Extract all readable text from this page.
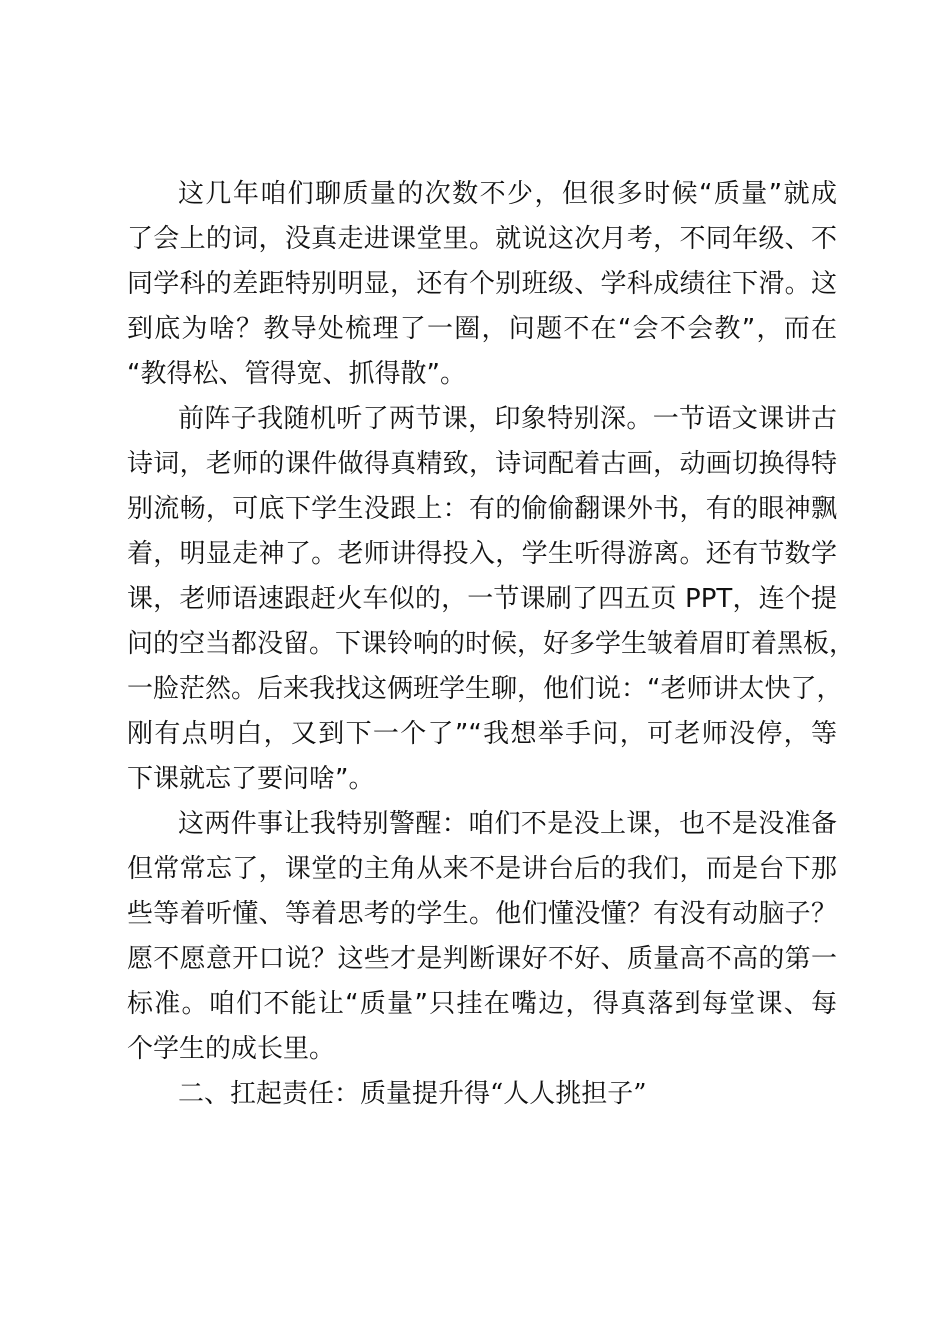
这几年咱们聊质量的次数不少，但很多时候“质量”就成
了会上的词，没真走进课堂里。就说这次月考，不同年级、不
同学科的差距特别明显，还有个别班级、学科成绩往下滑。这
到底为啥？教导处梳理了一圈，问题不在“会不会教”，而在
“教得松、管得宽、抓得散”。
前阵子我随机听了两节课，印象特别深。一节语文课讲古
诗词，老师的课件做得真精致，诗词配着古画，动画切换得特
别流畅，可底下学生没跟上：有的偷偷翻课外书，有的眼神飘
着，明显走神了。老师讲得投入，学生听得游离。还有节数学
课，老师语速跟赶火车似的，一节课刷了四五页 PPT，连个提
问的空当都没留。下课铃响的时候，好多学生皱着眉盯着黑板，
一脸茫然。后来我找这俩班学生聊，他们说：“老师讲太快了，
刚有点明白，又到下一个了”“我想举手问，可老师没停，等
下课就忘了要问啥”。
这两件事让我特别警醒：咱们不是没上课，也不是没准备
但常常忘了，课堂的主角从来不是讲台后的我们，而是台下那
些等着听懂、等着思考的学生。他们懂没懂？有没有动脑子？
愿不愿意开口说？这些才是判断课好不好、质量高不高的第一
标准。咱们不能让“质量”只挂在嘴边，得真落到每堂课、每
个学生的成长里。
二、扛起责任：质量提升得“人人挑担子”
